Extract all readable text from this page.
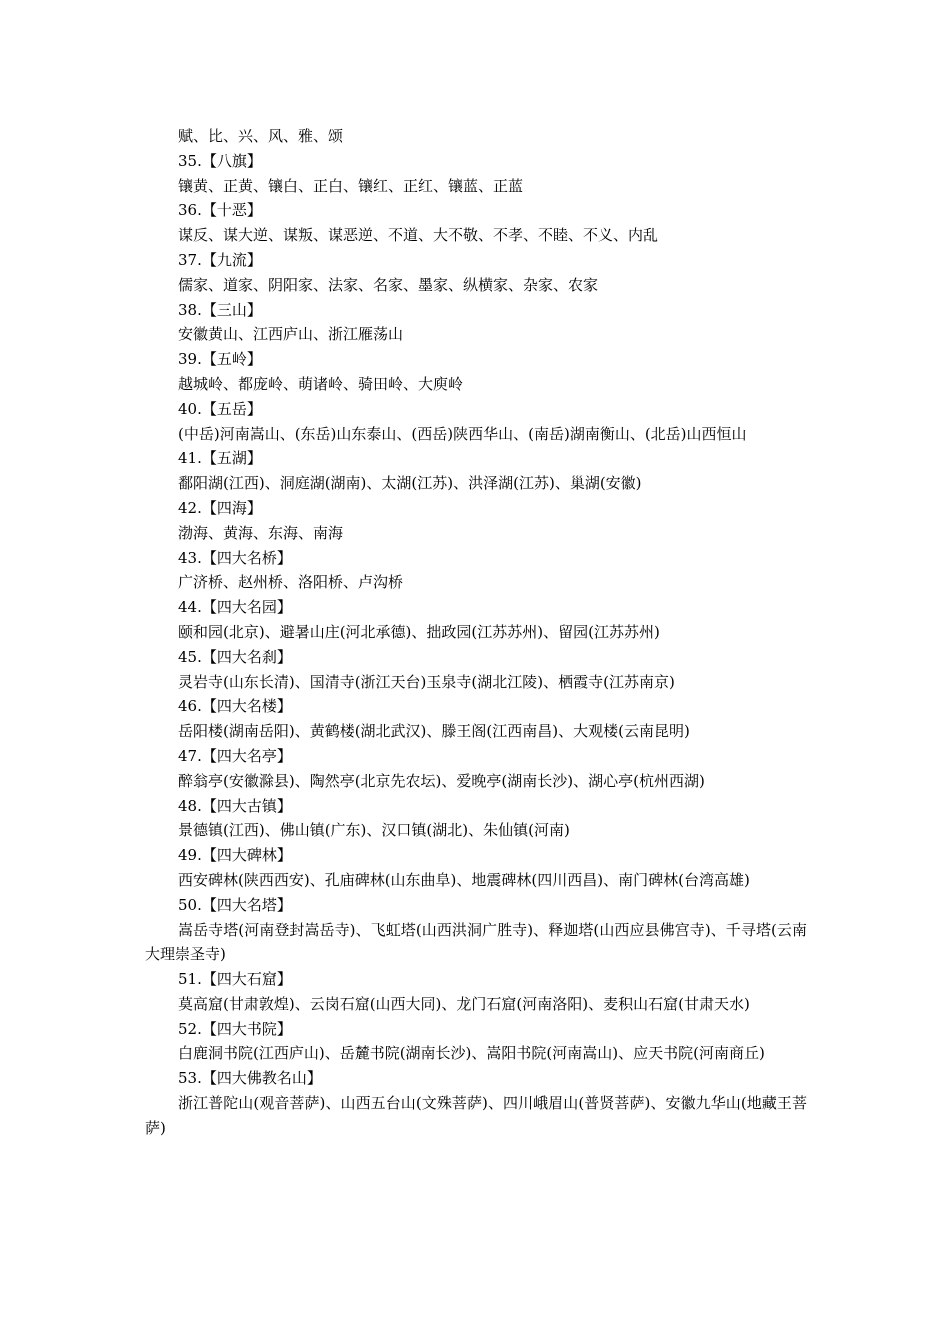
赋、比、兴、风、雅、颂
35.【八旗】
镶黄、正黄、镶白、正白、镶红、正红、镶蓝、正蓝
36.【十恶】
谋反、谋大逆、谋叛、谋恶逆、不道、大不敬、不孝、不睦、不义、内乱
37.【九流】
儒家、道家、阴阳家、法家、名家、墨家、纵横家、杂家、农家
38.【三山】
安徽黄山、江西庐山、浙江雁荡山
39.【五岭】
越城岭、都庞岭、萌诸岭、骑田岭、大庾岭
40.【五岳】
(中岳)河南嵩山、(东岳)山东泰山、(西岳)陕西华山、(南岳)湖南衡山、(北岳)山西恒山
41.【五湖】
鄱阳湖(江西)、洞庭湖(湖南)、太湖(江苏)、洪泽湖(江苏)、巢湖(安徽)
42.【四海】
渤海、黄海、东海、南海
43.【四大名桥】
广济桥、赵州桥、洛阳桥、卢沟桥
44.【四大名园】
颐和园(北京)、避暑山庄(河北承德)、拙政园(江苏苏州)、留园(江苏苏州)
45.【四大名刹】
灵岩寺(山东长清)、国清寺(浙江天台)玉泉寺(湖北江陵)、栖霞寺(江苏南京)
46.【四大名楼】
岳阳楼(湖南岳阳)、黄鹤楼(湖北武汉)、滕王阁(江西南昌)、大观楼(云南昆明)
47.【四大名亭】
醉翁亭(安徽滁县)、陶然亭(北京先农坛)、爱晚亭(湖南长沙)、湖心亭(杭州西湖)
48.【四大古镇】
景德镇(江西)、佛山镇(广东)、汉口镇(湖北)、朱仙镇(河南)
49.【四大碑林】
西安碑林(陕西西安)、孔庙碑林(山东曲阜)、地震碑林(四川西昌)、南门碑林(台湾高雄)
50.【四大名塔】
嵩岳寺塔(河南登封嵩岳寺)、飞虹塔(山西洪洞广胜寺)、释迦塔(山西应县佛宫寺)、千寻塔(云南大理崇圣寺)
51.【四大石窟】
莫高窟(甘肃敦煌)、云岗石窟(山西大同)、龙门石窟(河南洛阳)、麦积山石窟(甘肃天水)
52.【四大书院】
白鹿洞书院(江西庐山)、岳麓书院(湖南长沙)、嵩阳书院(河南嵩山)、应天书院(河南商丘)
53.【四大佛教名山】
浙江普陀山(观音菩萨)、山西五台山(文殊菩萨)、四川峨眉山(普贤菩萨)、安徽九华山(地藏王菩萨)
